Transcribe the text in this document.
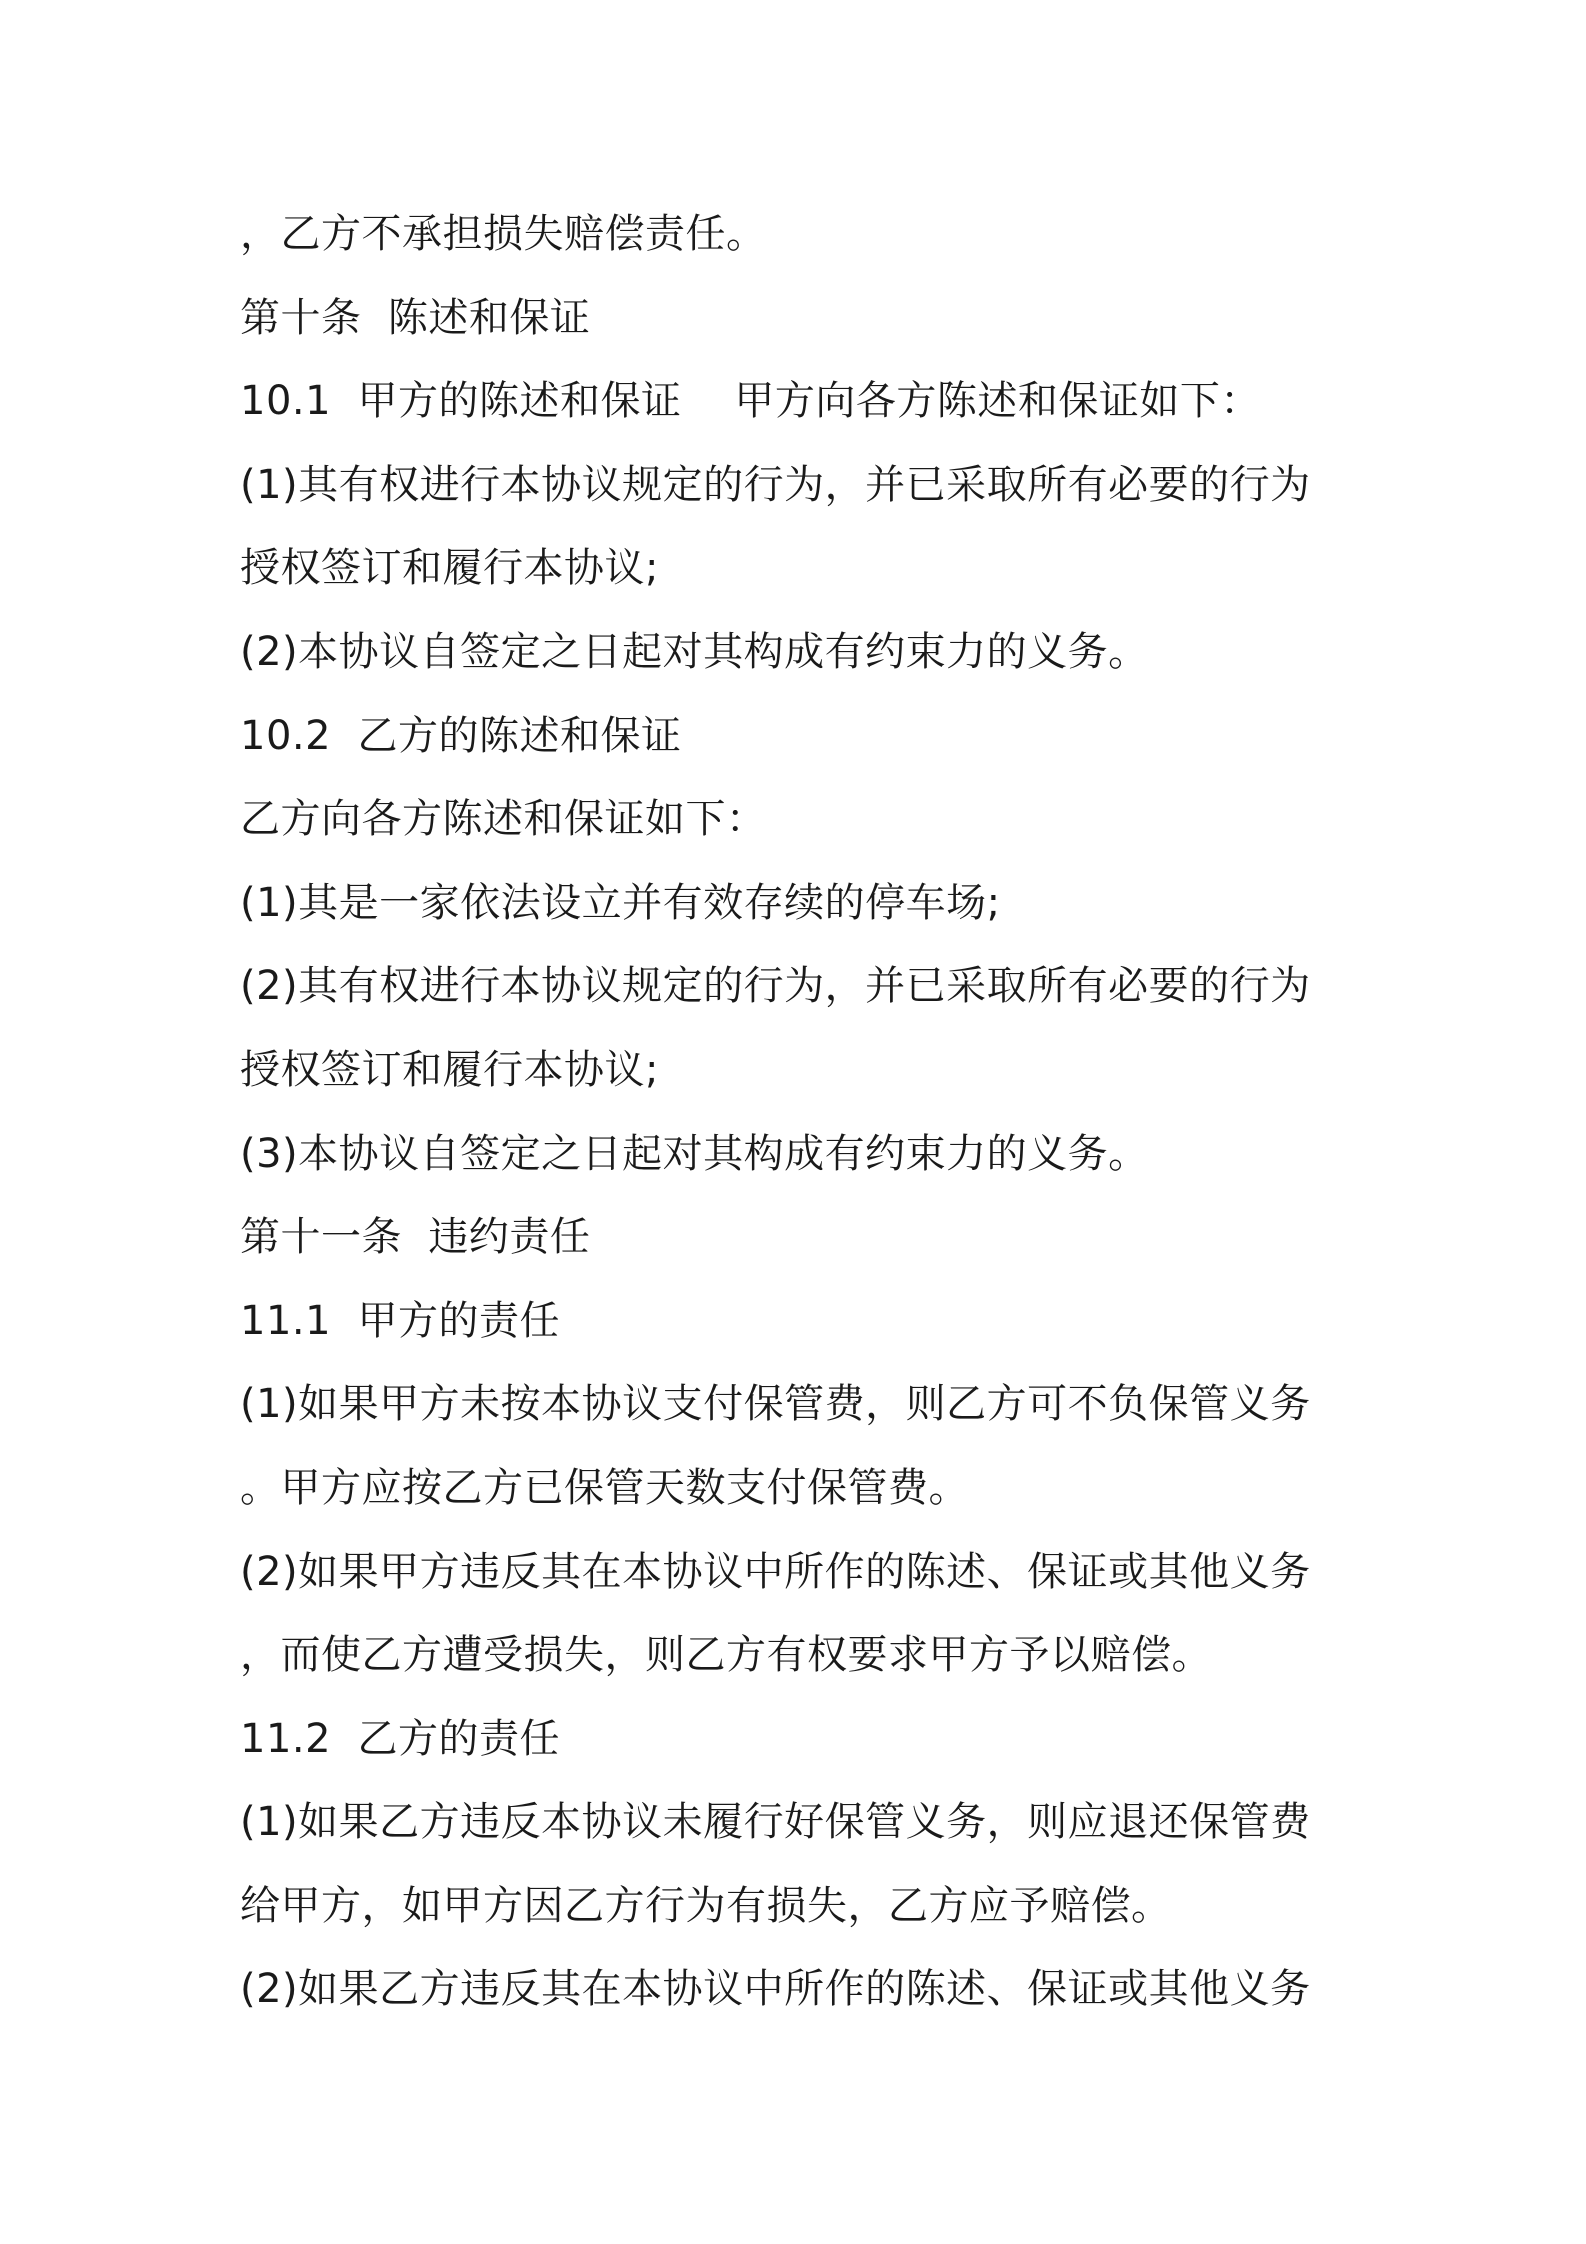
，乙方不承担损失赔偿责任。
第十条  陈述和保证
10.1  甲方的陈述和保证    甲方向各方陈述和保证如下：
(1)其有权进行本协议规定的行为，并已采取所有必要的行为
授权签订和履行本协议;
(2)本协议自签定之日起对其构成有约束力的义务。
10.2  乙方的陈述和保证
乙方向各方陈述和保证如下：
(1)其是一家依法设立并有效存续的停车场;
(2)其有权进行本协议规定的行为，并已采取所有必要的行为
授权签订和履行本协议;
(3)本协议自签定之日起对其构成有约束力的义务。
第十一条  违约责任
11.1  甲方的责任
(1)如果甲方未按本协议支付保管费，则乙方可不负保管义务
。甲方应按乙方已保管天数支付保管费。
(2)如果甲方违反其在本协议中所作的陈述、保证或其他义务
，而使乙方遭受损失，则乙方有权要求甲方予以赔偿。
11.2  乙方的责任
(1)如果乙方违反本协议未履行好保管义务，则应退还保管费
给甲方，如甲方因乙方行为有损失，乙方应予赔偿。
(2)如果乙方违反其在本协议中所作的陈述、保证或其他义务
